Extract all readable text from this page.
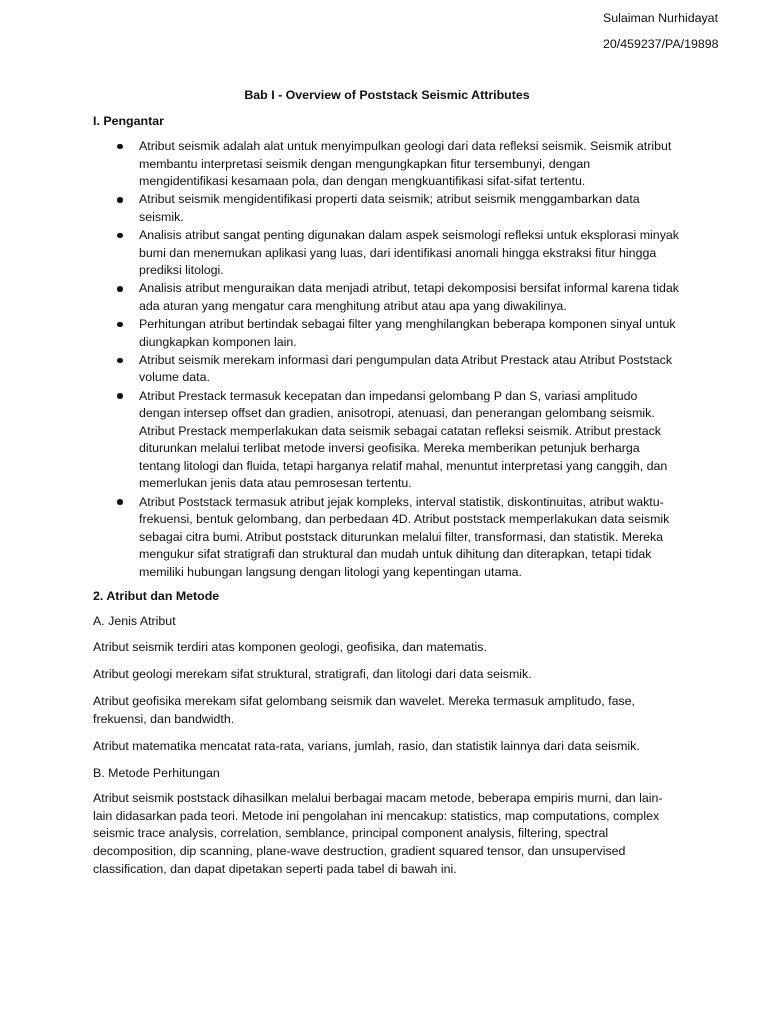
Sulaiman Nurhidayat
20/459237/PA/19898
Bab I - Overview of Poststack Seismic Attributes
I. Pengantar
Atribut seismik adalah alat untuk menyimpulkan geologi dari data refleksi seismik. Seismik atribut membantu interpretasi seismik dengan mengungkapkan fitur tersembunyi, dengan mengidentifikasi kesamaan pola, dan dengan mengkuantifikasi sifat-sifat tertentu.
Atribut seismik mengidentifikasi properti data seismik; atribut seismik menggambarkan data seismik.
Analisis atribut sangat penting digunakan dalam aspek seismologi refleksi untuk eksplorasi minyak bumi dan menemukan aplikasi yang luas, dari identifikasi anomali hingga ekstraksi fitur hingga prediksi litologi.
Analisis atribut menguraikan data menjadi atribut, tetapi dekomposisi bersifat informal karena tidak ada aturan yang mengatur cara menghitung atribut atau apa yang diwakilinya.
Perhitungan atribut bertindak sebagai filter yang menghilangkan beberapa komponen sinyal untuk diungkapkan komponen lain.
Atribut seismik merekam informasi dari pengumpulan data Atribut Prestack atau Atribut Poststack volume data.
Atribut Prestack termasuk kecepatan dan impedansi gelombang P dan S, variasi amplitudo dengan intersep offset dan gradien, anisotropi, atenuasi, dan penerangan gelombang seismik. Atribut Prestack memperlakukan data seismik sebagai catatan refleksi seismik. Atribut prestack diturunkan melalui terlibat metode inversi geofisika. Mereka memberikan petunjuk berharga tentang litologi dan fluida, tetapi harganya relatif mahal, menuntut interpretasi yang canggih, dan memerlukan jenis data atau pemrosesan tertentu.
Atribut Poststack termasuk atribut jejak kompleks, interval statistik, diskontinuitas, atribut waktu-frekuensi, bentuk gelombang, dan perbedaan 4D. Atribut poststack memperlakukan data seismik sebagai citra bumi. Atribut poststack diturunkan melalui filter, transformasi, dan statistik. Mereka mengukur sifat stratigrafi dan struktural dan mudah untuk dihitung dan diterapkan, tetapi tidak memiliki hubungan langsung dengan litologi yang kepentingan utama.
2. Atribut dan Metode
A. Jenis Atribut

Atribut seismik terdiri atas komponen geologi, geofisika, dan matematis.

Atribut geologi merekam sifat struktural, stratigrafi, dan litologi dari data seismik.

Atribut geofisika merekam sifat gelombang seismik dan wavelet. Mereka termasuk amplitudo, fase, frekuensi, dan bandwidth.

Atribut matematika mencatat rata-rata, varians, jumlah, rasio, dan statistik lainnya dari data seismik.

B. Metode Perhitungan

Atribut seismik poststack dihasilkan melalui berbagai macam metode, beberapa empiris murni, dan lain-lain didasarkan pada teori. Metode ini pengolahan ini mencakup: statistics, map computations, complex seismic trace analysis, correlation, semblance, principal component analysis, filtering, spectral decomposition, dip scanning, plane-wave destruction, gradient squared tensor, dan unsupervised classification, dan dapat dipetakan seperti pada tabel di bawah ini.
